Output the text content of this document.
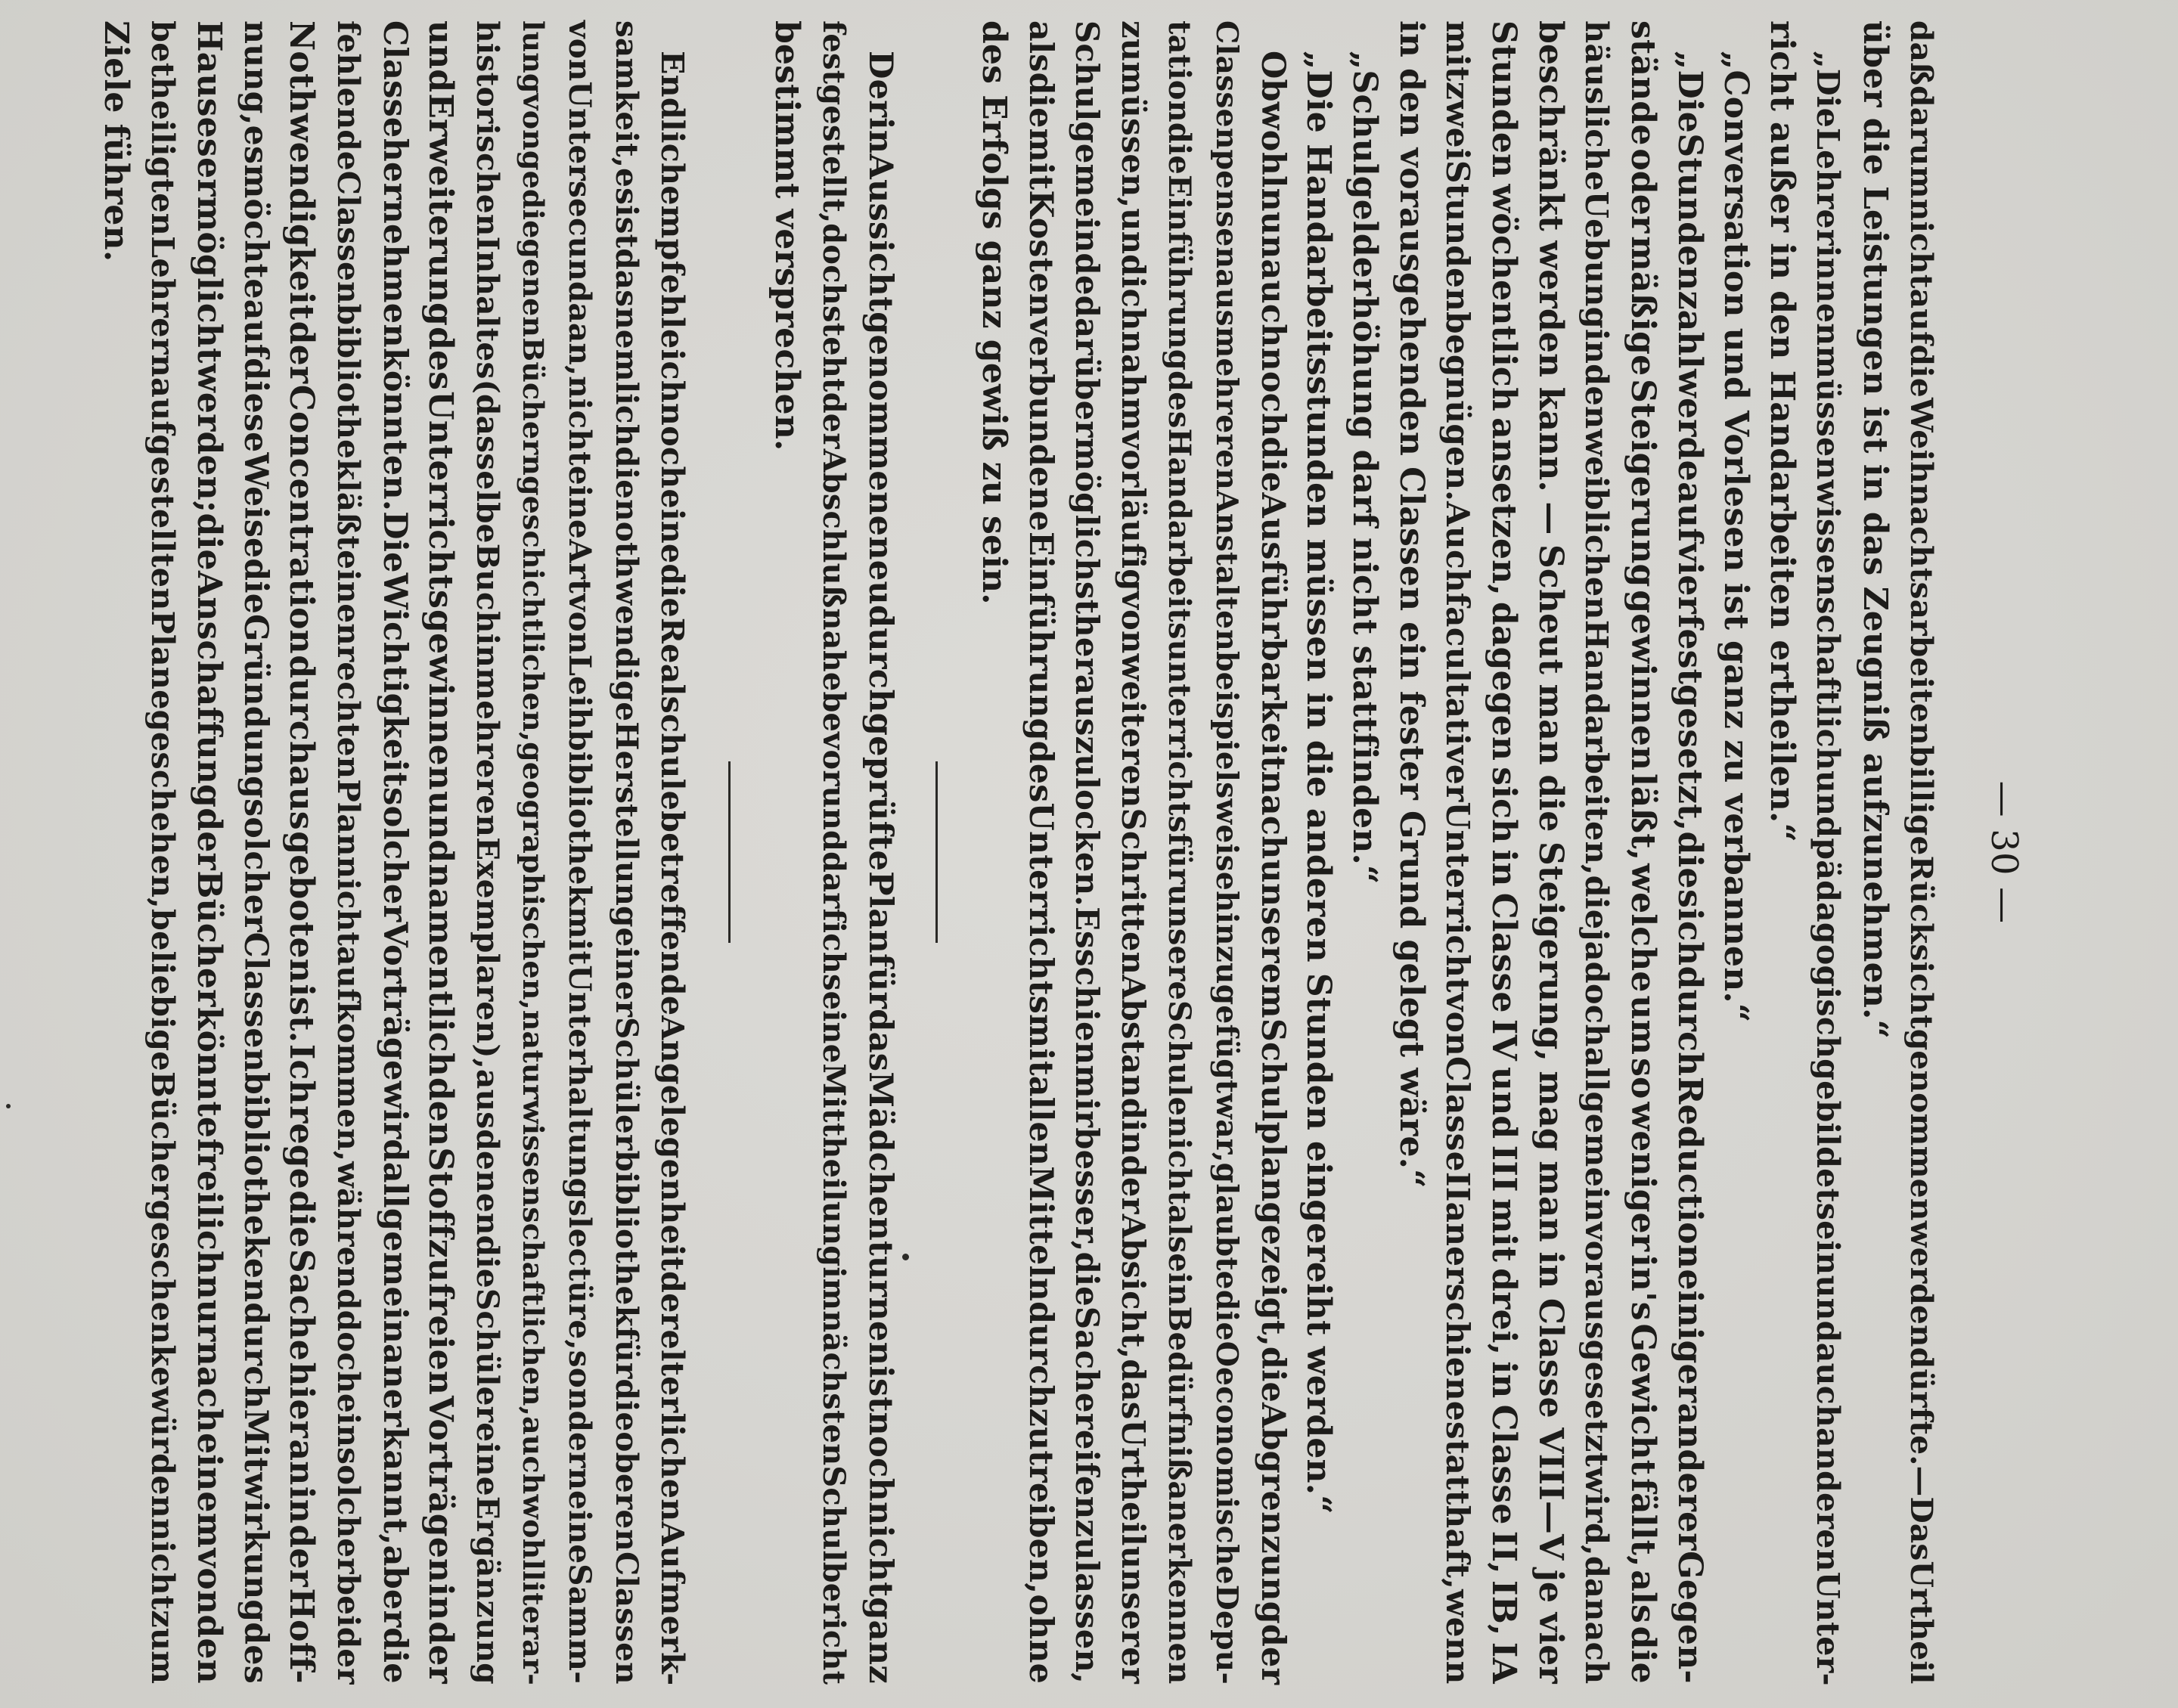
— 30 —
daß
darum
nicht
auf
die
Weihnachtsarbeiten
billige
Rücksicht
genommen
werden
dürfte.
—
Das
Urtheil
über
die
Leistungen
ist
in
das
Zeugniß
aufzunehmen.“
„Die
Lehrerinnen
müssen
wissenschaftlich
und
pädagogisch
gebildet
sein
und
auch
anderen
Unter-
richt
außer
in
den
Handarbeiten
ertheilen.“
„Conversation
und
Vorlesen
ist
ganz
zu
verbannen.“
„Die
Stundenzahl
werde
auf
vier
festgesetzt,
die
sich
durch
Reduction
einiger
anderer
Gegen-
stände
oder
mäßige
Steigerung
gewinnen
läßt,
welche
um
so
weniger
in's
Gewicht
fällt,
als
die
häusliche
Uebung
in
den
weiblichen
Handarbeiten,
die
ja
doch
allgemein
vorausgesetzt
wird,
danach
beschränkt
werden
kann.
—
Scheut
man
die
Steigerung,
mag
man
in
Classe
VIII—V
je
vier
Stunden
wöchentlich
ansetzen,
dagegen
sich
in
Classe
IV
und
III
mit
drei,
in
Classe
II,
IB,
IA
mit
zwei
Stunden
begnügen.
Auch
facultativer
Unterricht
von
Classe
II
an
erschiene
statthaft,
wenn
in
den
vorausgehenden
Classen
ein
fester
Grund
gelegt
wäre.“
„Schulgelderhöhung
darf
nicht
stattfinden.“
„Die
Handarbeitsstunden
müssen
in
die
anderen
Stunden
eingereiht
werden.“
Obwohl
nun
auch
noch
die
Ausführbarkeit
nach
unserem
Schulplan
gezeigt,
die
Abgrenzung
der
Classenpensen
aus
mehreren
Anstalten
beispielsweise
hinzugefügt
war,
glaubte
die
Oeconomische
Depu-
tation
die
Einführung
des
Handarbeitsunterrichts
für
unsere
Schule
nicht
als
ein
Bedürfniß
anerkennen
zu
müssen,
und
ich
nahm
vorläufig
von
weiteren
Schritten
Abstand
in
der
Absicht,
das
Urtheil
unserer
Schulgemeinde
darüber
möglichst
herauszulocken.
Es
schien
mir
besser,
die
Sache
reifen
zu
lassen,
als
die
mit
Kosten
verbundene
Einführung
des
Unterrichts
mit
allen
Mitteln
durchzutreiben,
ohne
des
Erfolgs
ganz
gewiß
zu
sein.
Der
in
Aussicht
genommene
neu
durchgeprüfte
Plan
für
das
Mädchenturnen
ist
noch
nicht
ganz
festgestellt,
doch
steht
der
Abschluß
nahe
bevor
und
darf
ich
seine
Mittheilung
im
nächsten
Schulbericht
bestimmt
versprechen.
Endlich
empfehle
ich
noch
eine
die
Realschule
betreffende
Angelegenheit
der
elterlichen
Aufmerk-
samkeit,
es
ist
das
nemlich
die
nothwendige
Herstellung
einer
Schülerbibliothek
für
die
oberen
Classen
von
Untersecunda
an,
nicht
eine
Art
von
Leihbibliothek
mit
Unterhaltungslectüre,
sondern
eine
Samm-
lung
von
gediegenen
Büchern
geschichtlichen,
geographischen,
naturwissenschaftlichen,
auch
wohl
literar-
historischen
Inhaltes
(dasselbe
Buch
in
mehreren
Exemplaren),
aus
denen
die
Schüler
eine
Ergänzung
und
Erweiterung
des
Unterrichts
gewinnen
und
namentlich
den
Stoff
zu
freien
Vorträgen
in
der
Classe
hernehmen
könnten.
Die
Wichtigkeit
solcher
Vorträge
wird
allgemein
anerkannt,
aber
die
fehlende
Classenbibliothek
läßt
einen
rechten
Plan
nicht
aufkommen,
während
doch
ein
solcher
bei
der
Nothwendigkeit
der
Concentration
durchaus
geboten
ist.
Ich
rege
die
Sache
hier
an
in
der
Hoff-
nung,
es
möchte
auf
diese
Weise
die
Gründung
solcher
Classenbibliotheken
durch
Mitwirkung
des
Hauses
ermöglicht
werden;
die
Anschaffung
der
Bücher
könnte
freilich
nur
nach
einem
von
den
betheiligten
Lehrern
aufgestellten
Plane
geschehen,
beliebige
Büchergeschenke
würden
nicht
zum
Ziele
führen.
